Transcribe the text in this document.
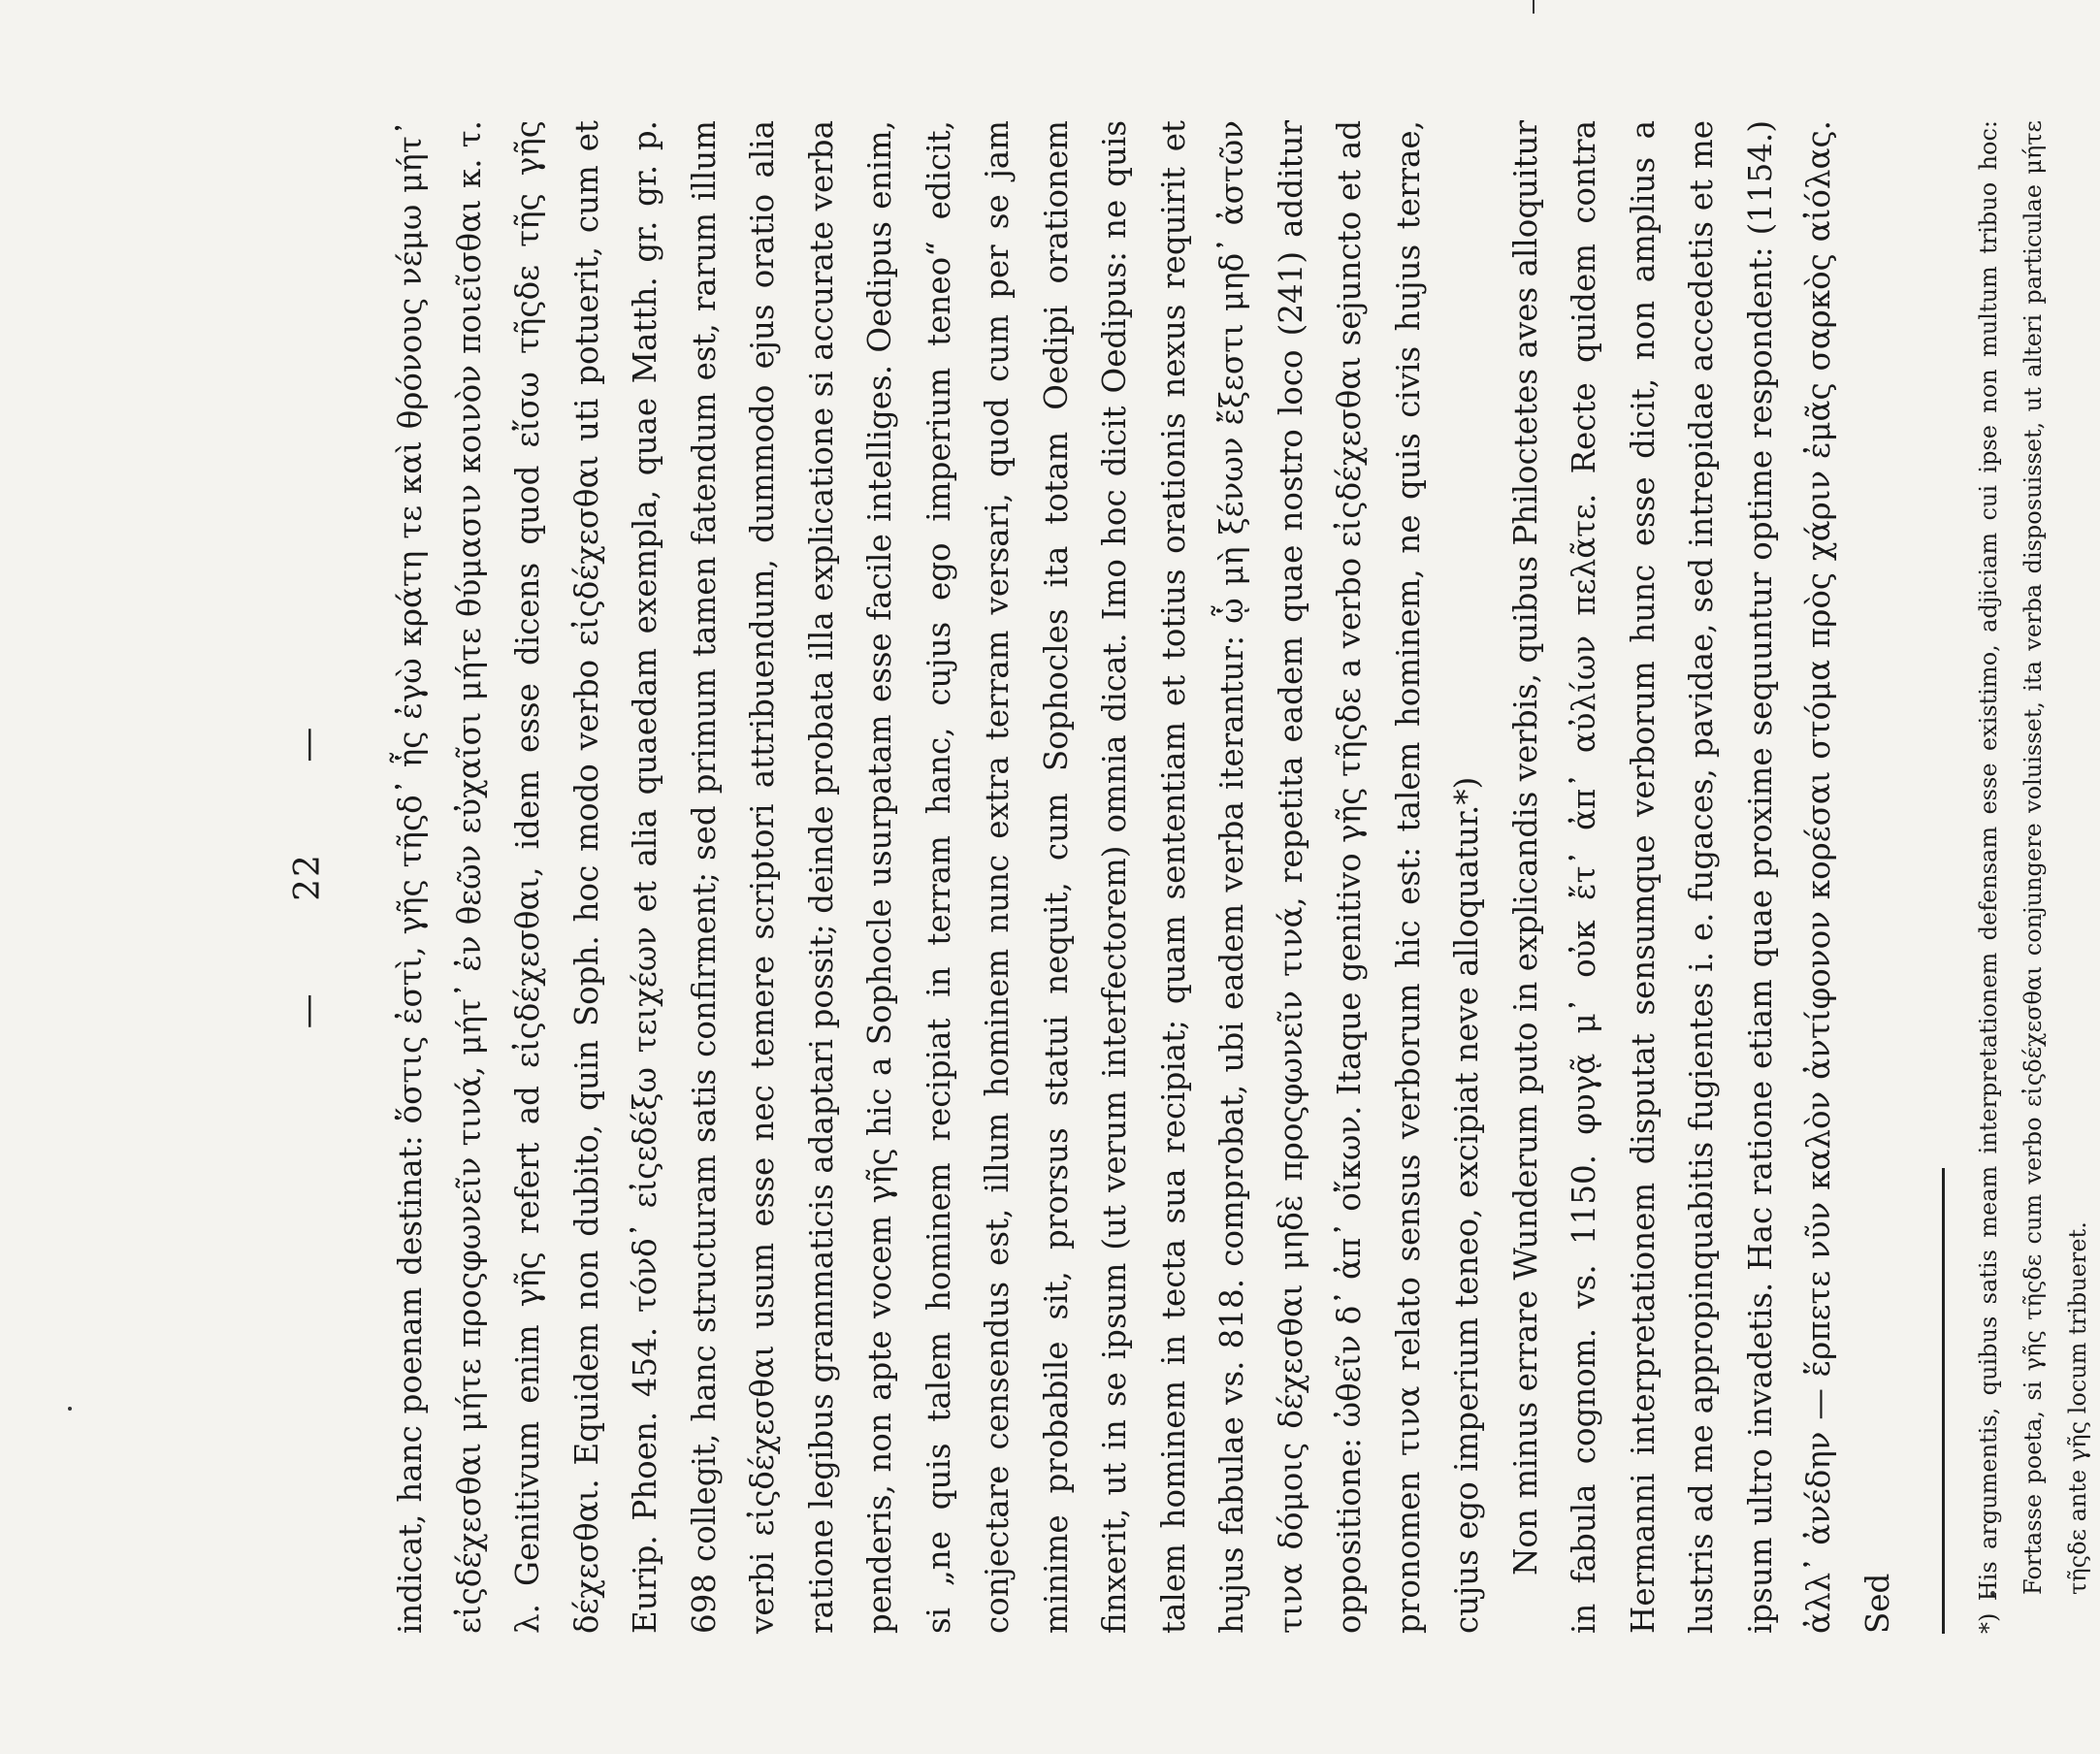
— 22 —	indicat, hanc poenam destinat: ὅστις ἐστὶ, γῆς τῆςδ᾽ ἧς ἐγὼ κράτη τε καὶ θρόνους νέμω μήτ᾽ εἰςδέχεσθαι μήτε προςφωνεῖν τινά, μήτ᾽ ἐν θεῶν εὐχαῖσι μήτε θύμασιν κοινὸν ποιεῖσθαι κ. τ. λ. Genitivum enim γῆς refert ad εἰςδέχεσθαι, idem esse dicens quod εἴσω τῆςδε τῆς γῆς δέχεσθαι. Equidem non dubito, quin Soph. hoc modo verbo εἰςδέχεσθαι uti potuerit, cum et Eurip. Phoen. 454. τόνδ᾽ εἰςεδέξω τειχέων et alia quaedam exempla, quae Matth. gr. gr. p. 698 collegit, hanc structuram satis confirment; sed primum tamen fatendum est, rarum illum verbi εἰςδέχεσθαι usum esse nec temere scriptori attribuendum, dummodo ejus oratio alia ratione legibus grammaticis adaptari possit; deinde probata illa explicatione si accurate verba penderis, non apte vocem γῆς hic a Sophocle usurpatam esse facile intelliges. Oedipus enim, si „ne quis talem hominem recipiat in terram hanc, cujus ego imperium teneo“ edicit, conjectare censendus est, illum hominem nunc extra terram versari, quod cum per se jam minime probabile sit, prorsus statui nequit, cum Sophocles ita totam Oedipi orationem finxerit, ut in se ipsum (ut verum interfectorem) omnia dicat. Imo hoc dicit Oedipus: ne quis talem hominem in tecta sua recipiat; quam sententiam et totius orationis nexus requirit et hujus fabulae vs. 818. comprobat, ubi eadem verba iterantur: ᾧ μὴ ξένων ἔξεστι μηδ᾽ ἀστῶν τινα δόμοις δέχεσθαι μηδὲ προςφωνεῖν τινά, repetita eadem quae nostro loco (241) additur oppositione: ὠθεῖν δ᾽ ἀπ᾽ οἴκων. Itaque genitivo γῆς τῆςδε a verbo εἰςδέχεσθαι sejuncto et ad pronomen τινα relato sensus verborum hic est: talem hominem, ne quis civis hujus terrae, cujus ego imperium teneo, excipiat neve alloquatur.*) Non minus errare Wunderum puto in explicandis verbis, quibus Philoctetes aves alloquitur in fabula cognom. vs. 1150. φυγᾷ μ᾽ οὐκ ἔτ᾽ ἀπ᾽ αὐλίων πελᾶτε. Recte quidem contra Hermanni interpretationem disputat sensumque verborum hunc esse dicit, non amplius a lustris ad me appropinquabitis fugientes i. e. fugaces, pavidae, sed intrepidae accedetis et me ipsum ultro invadetis. Hac ratione etiam quae proxime sequuntur optime respondent: (1154.) ἀλλ᾽ ἀνέδην — ἕρπετε νῦν καλὸν ἀντίφονον κορέσαι στόμα πρὸς χάριν ἐμᾶς σαρκὸς αἰόλας. Sed	*) His argumentis, quibus satis meam interpretationem defensam esse existimo, adjiciam cui ipse non multum tribuo hoc: Fortasse poeta, si γῆς τῆςδε cum verbo εἰςδέχεσθαι conjungere voluisset, ita verba disposuisset, ut alteri particulae μήτε τῆςδε ante γῆς locum tribueret.
